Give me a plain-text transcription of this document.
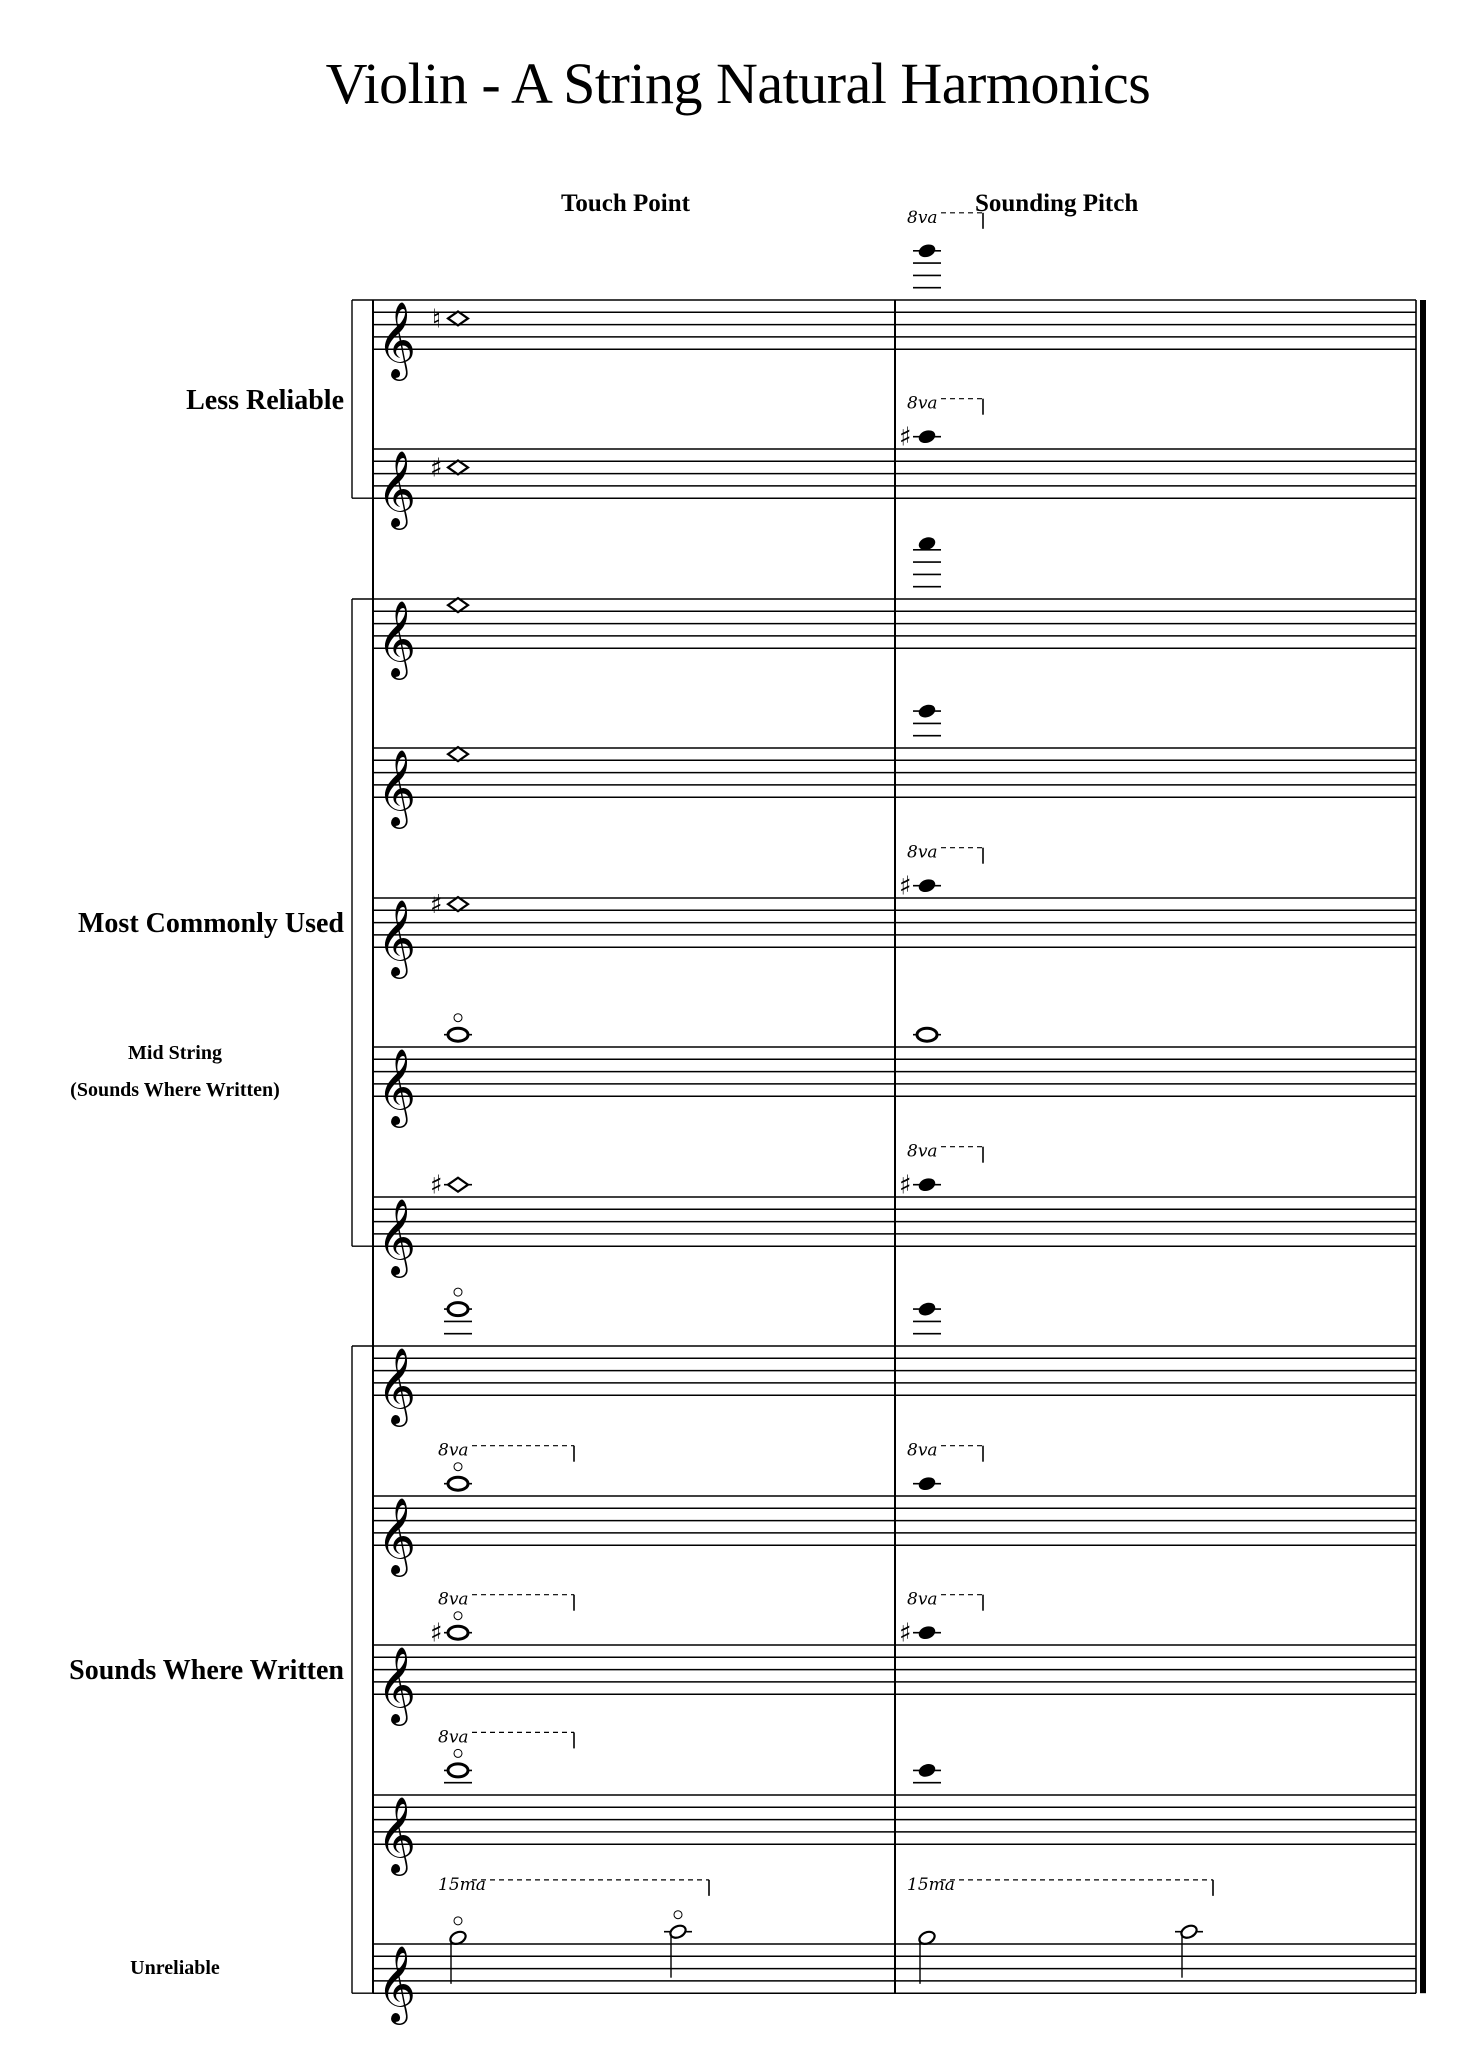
Violin - A String Natural Harmonics
Touch Point	Sounding Pitch
Less Reliable
Most Commonly Used
Mid String
(Sounds Where Written)
Sounds Where Written
Unreliable
𝄞
𝄞
𝄞
𝄞
𝄞
𝄞
𝄞
𝄞
𝄞
𝄞
𝄞
𝄞
♮
8va
♯
♯
8va
♯
♯
8va
♯	♯
8va
8va	8va
♯
8va
♯
8va
8va
15ma	15ma
